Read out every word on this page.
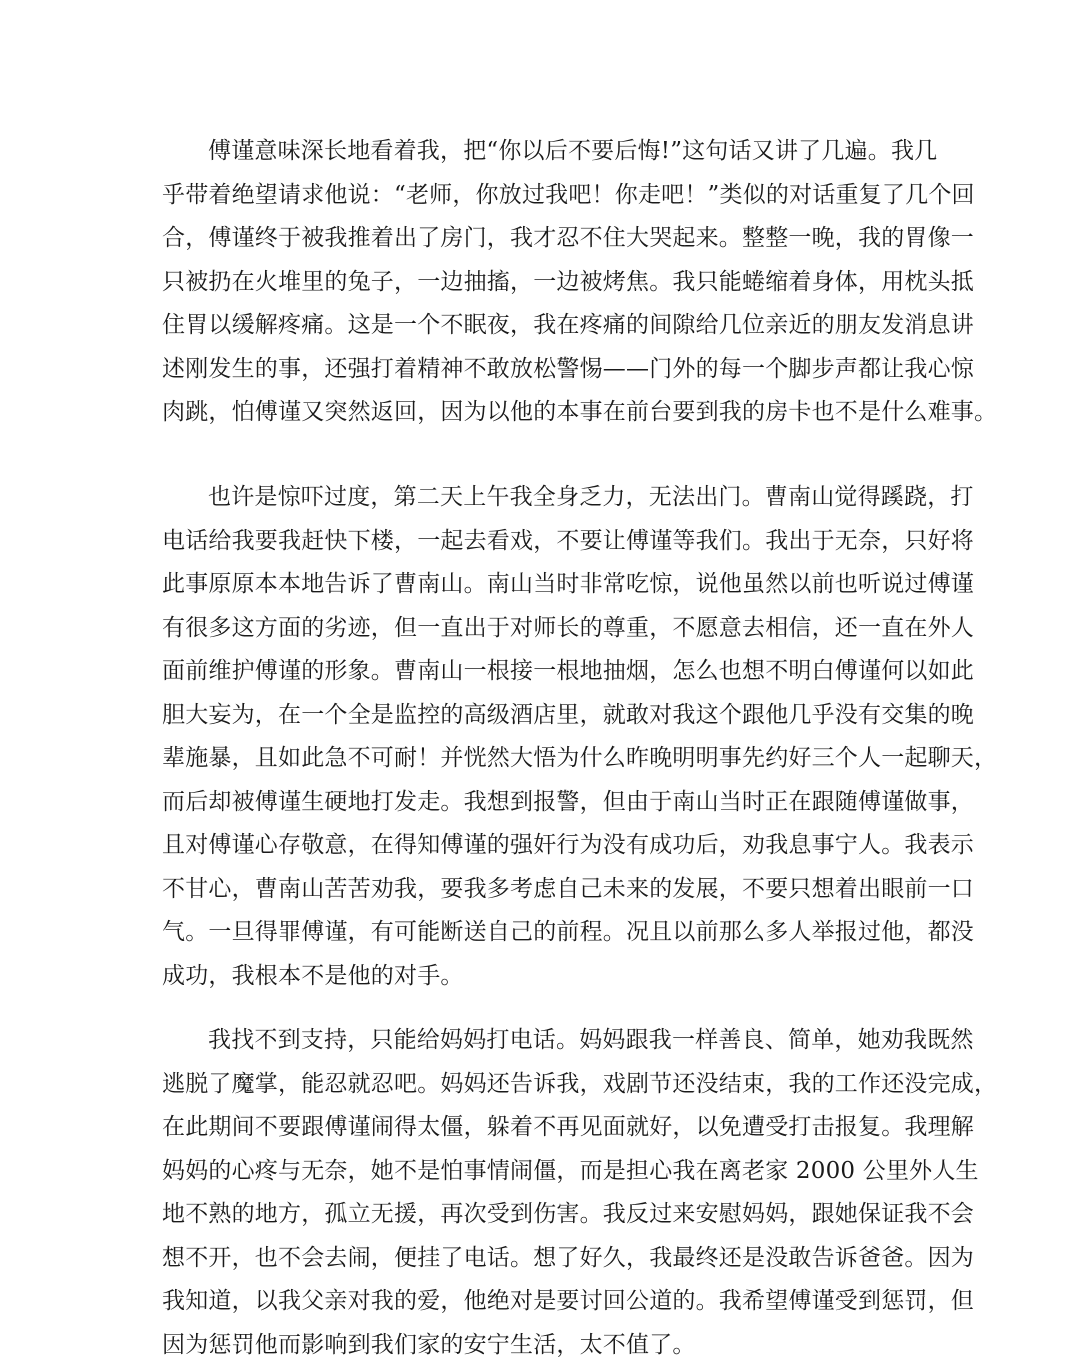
傅谨意味深长地看着我，把“你以后不要后悔!”这句话又讲了几遍。我几
乎带着绝望请求他说：“老师，你放过我吧！你走吧！”类似的对话重复了几个回
合，傅谨终于被我推着出了房门，我才忍不住大哭起来。整整一晚，我的胃像一
只被扔在火堆里的兔子，一边抽搐，一边被烤焦。我只能蜷缩着身体，用枕头抵
住胃以缓解疼痛。这是一个不眠夜，我在疼痛的间隙给几位亲近的朋友发消息讲
述刚发生的事，还强打着精神不敢放松警惕——门外的每一个脚步声都让我心惊
肉跳，怕傅谨又突然返回，因为以他的本事在前台要到我的房卡也不是什么难事。
也许是惊吓过度，第二天上午我全身乏力，无法出门。曹南山觉得蹊跷，打
电话给我要我赶快下楼，一起去看戏，不要让傅谨等我们。我出于无奈，只好将
此事原原本本地告诉了曹南山。南山当时非常吃惊，说他虽然以前也听说过傅谨
有很多这方面的劣迹，但一直出于对师长的尊重，不愿意去相信，还一直在外人
面前维护傅谨的形象。曹南山一根接一根地抽烟，怎么也想不明白傅谨何以如此
胆大妄为，在一个全是监控的高级酒店里，就敢对我这个跟他几乎没有交集的晚
辈施暴，且如此急不可耐！并恍然大悟为什么昨晚明明事先约好三个人一起聊天，
而后却被傅谨生硬地打发走。我想到报警，但由于南山当时正在跟随傅谨做事，
且对傅谨心存敬意，在得知傅谨的强奸行为没有成功后，劝我息事宁人。我表示
不甘心，曹南山苦苦劝我，要我多考虑自己未来的发展，不要只想着出眼前一口
气。一旦得罪傅谨，有可能断送自己的前程。况且以前那么多人举报过他，都没
成功，我根本不是他的对手。
我找不到支持，只能给妈妈打电话。妈妈跟我一样善良、简单，她劝我既然
逃脱了魔掌，能忍就忍吧。妈妈还告诉我，戏剧节还没结束，我的工作还没完成，
在此期间不要跟傅谨闹得太僵，躲着不再见面就好，以免遭受打击报复。我理解
妈妈的心疼与无奈，她不是怕事情闹僵，而是担心我在离老家 2000 公里外人生
地不熟的地方，孤立无援，再次受到伤害。我反过来安慰妈妈，跟她保证我不会
想不开，也不会去闹，便挂了电话。想了好久，我最终还是没敢告诉爸爸。因为
我知道，以我父亲对我的爱，他绝对是要讨回公道的。我希望傅谨受到惩罚，但
因为惩罚他而影响到我们家的安宁生活，太不值了。
